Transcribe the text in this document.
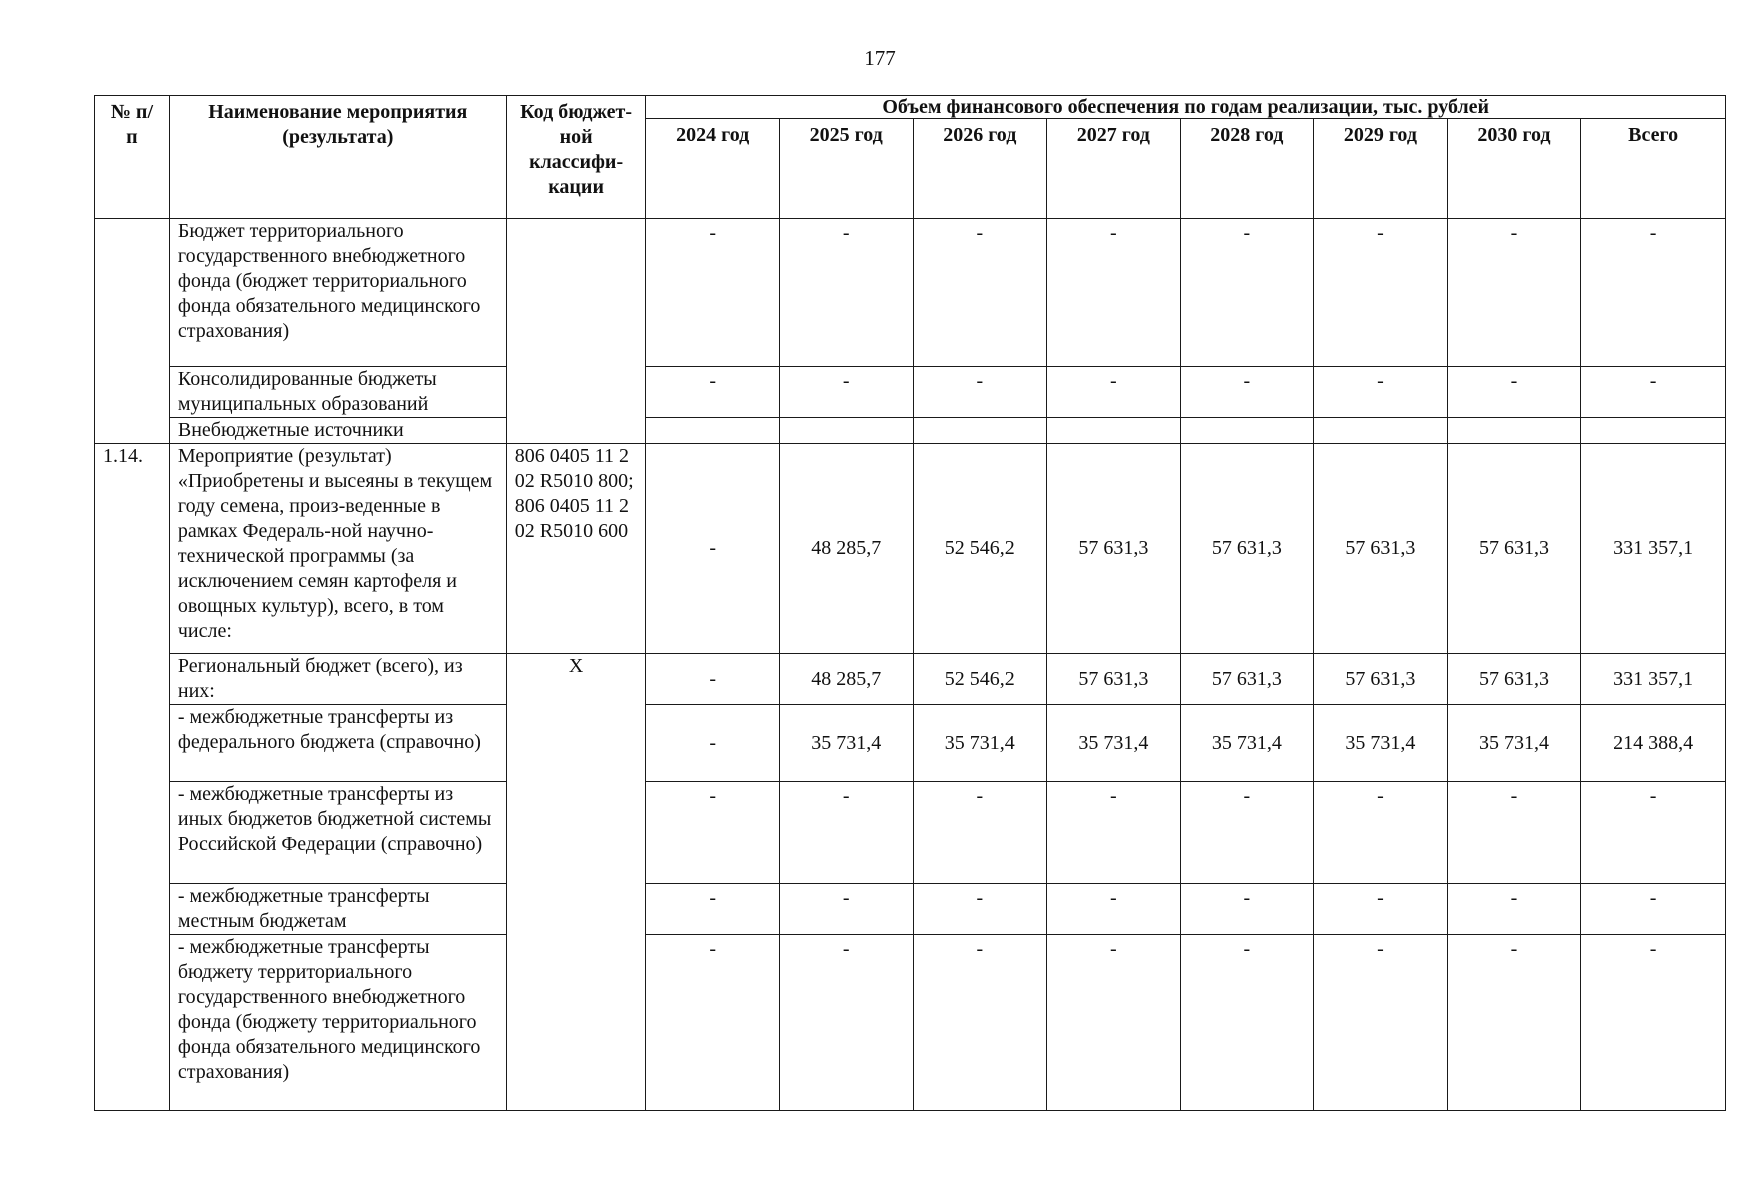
177
№ п/п	Наименование мероприятия (результата)	Код бюджет-ной классифи-кации	Объем финансового обеспечения по годам реализации, тыс. рублей							
			2024 год	2025 год	2026 год	2027 год	2028 год	2029 год	2030 год	Всего
	Бюджет территориального государственного внебюджетного фонда (бюджет территориального фонда обязательного медицинского страхования)		-	-	-	-	-	-	-	-
	Консолидированные бюджеты муниципальных образований		-	-	-	-	-	-	-	-
	Внебюджетные источники									
1.14.	Мероприятие (результат) «Приобретены и высеяны в текущем году семена, произ-веденные в рамках Федераль-ной научно-технической программы (за исключением семян картофеля и овощных культур), всего, в том числе:	806 0405 11 2 02 R5010 800; 806 0405 11 2 02 R5010 600	-	48 285,7	52 546,2	57 631,3	57 631,3	57 631,3	57 631,3	331 357,1
	Региональный бюджет (всего), из них:	X	-	48 285,7	52 546,2	57 631,3	57 631,3	57 631,3	57 631,3	331 357,1
	- межбюджетные трансферты из федерального бюджета (справочно)		-	35 731,4	35 731,4	35 731,4	35 731,4	35 731,4	35 731,4	214 388,4
	- межбюджетные трансферты из иных бюджетов бюджетной системы Российской Федерации (справочно)		-	-	-	-	-	-	-	-
	- межбюджетные трансферты местным бюджетам		-	-	-	-	-	-	-	-
	- межбюджетные трансферты бюджету территориального государственного внебюджетного фонда (бюджету территориального фонда обязательного медицинского страхования)		-	-	-	-	-	-	-	-
